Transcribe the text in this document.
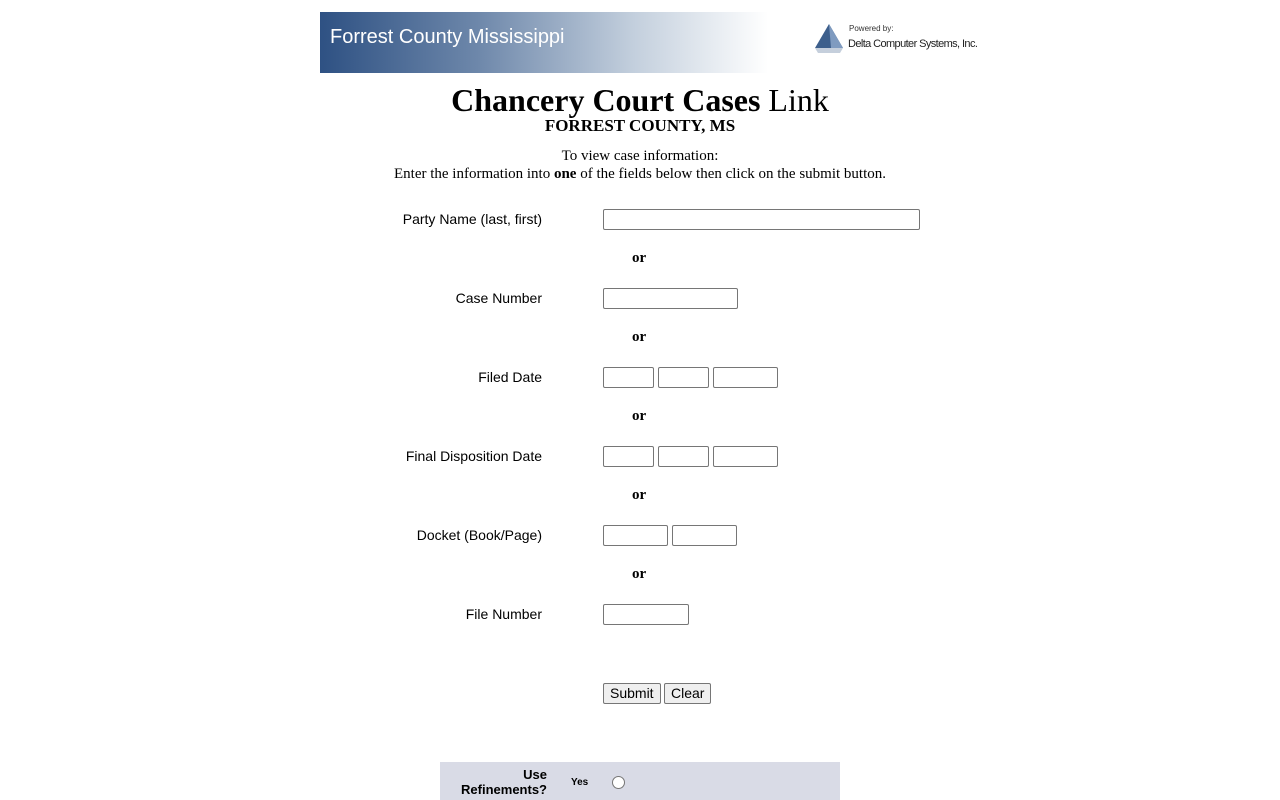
Forrest County Mississippi	Powered by:
Delta Computer Systems, Inc.
Chancery Court Cases Link
FORREST COUNTY, MS
To view case information:
Enter the information into one of the fields below then click on the submit button.
Party Name (last, first)
or
Case Number
or
Filed Date
or
Final Disposition Date
or
Docket (Book/Page)
or
File Number
Submit	Clear
Use
Refinements? Yes
